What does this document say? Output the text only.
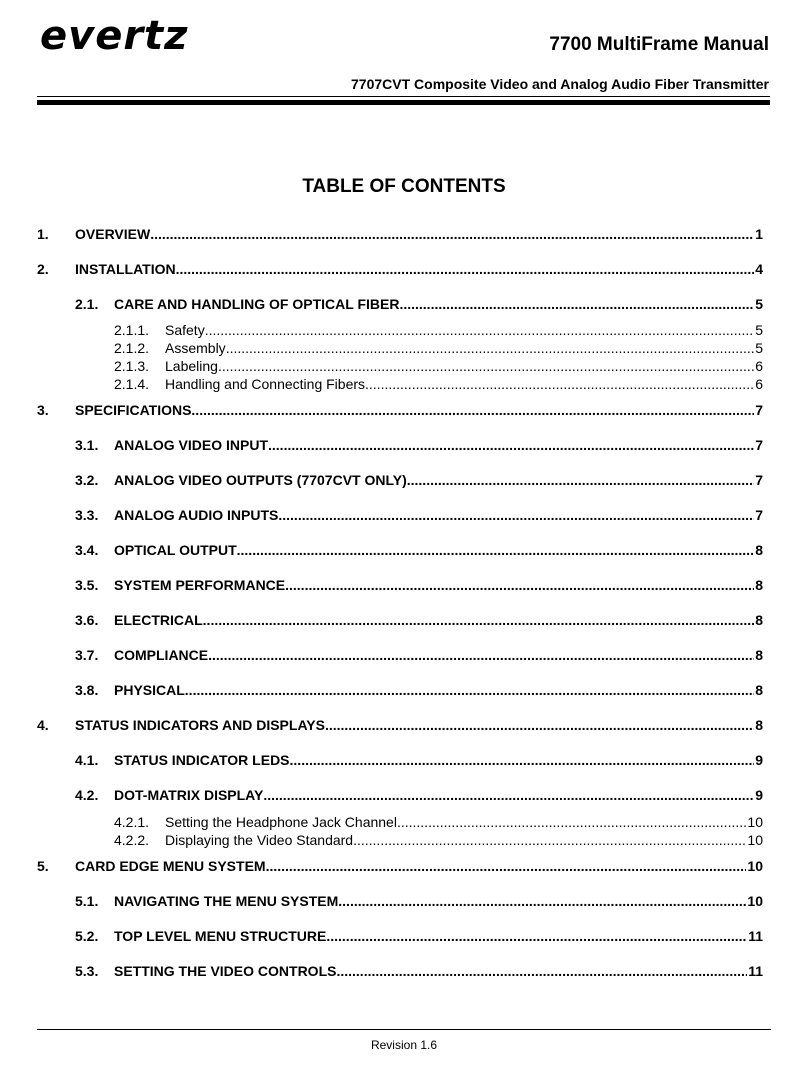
evertz	7700 MultiFrame Manual
7707CVT Composite Video and Analog Audio Fiber Transmitter
TABLE OF CONTENTS
1.	OVERVIEW .....	1
2.	INSTALLATION .....	4
2.1.	CARE AND HANDLING OF OPTICAL FIBER .....	5
2.1.1.	Safety .....	5
2.1.2.	Assembly .....	5
2.1.3.	Labeling .....	6
2.1.4.	Handling and Connecting Fibers .....	6
3.	SPECIFICATIONS .....	7
3.1.	ANALOG VIDEO INPUT .....	7
3.2.	ANALOG VIDEO OUTPUTS (7707CVT ONLY) .....	7
3.3.	ANALOG AUDIO INPUTS .....	7
3.4.	OPTICAL OUTPUT .....	8
3.5.	SYSTEM PERFORMANCE .....	8
3.6.	ELECTRICAL .....	8
3.7.	COMPLIANCE .....	8
3.8.	PHYSICAL .....	8
4.	STATUS INDICATORS AND DISPLAYS .....	8
4.1.	STATUS INDICATOR LEDS .....	9
4.2.	DOT-MATRIX DISPLAY .....	9
4.2.1.	Setting the Headphone Jack Channel .....	10
4.2.2.	Displaying the Video Standard .....	10
5.	CARD EDGE MENU SYSTEM .....	10
5.1.	NAVIGATING THE MENU SYSTEM .....	10
5.2.	TOP LEVEL MENU STRUCTURE .....	11
5.3.	SETTING THE VIDEO CONTROLS .....	11
Revision 1.6
